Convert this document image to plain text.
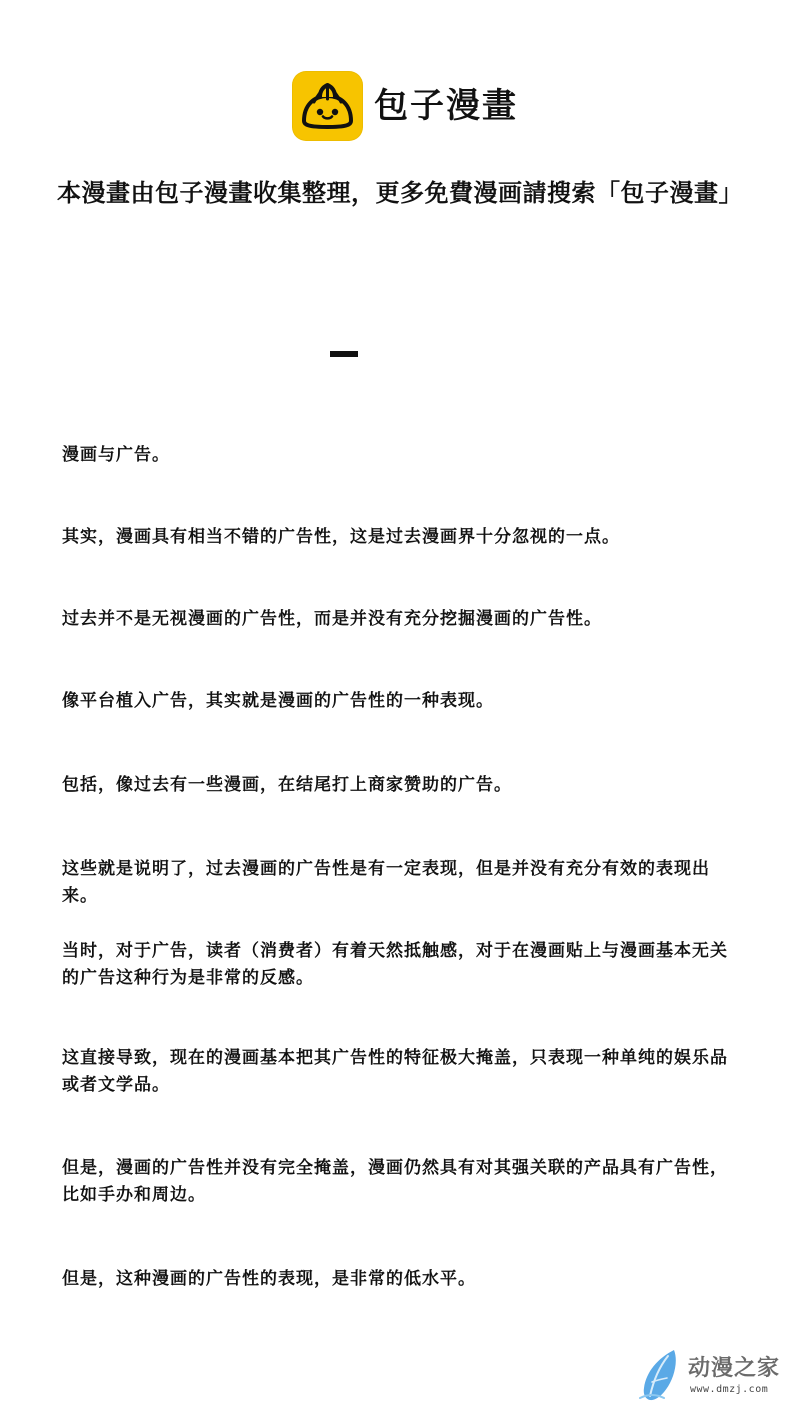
包子漫畫
本漫畫由包子漫畫收集整理，更多免費漫画請搜索「包子漫畫」

漫画与广告。

其实，漫画具有相当不错的广告性，这是过去漫画界十分忽视的一点。

过去并不是无视漫画的广告性，而是并没有充分挖掘漫画的广告性。

像平台植入广告，其实就是漫画的广告性的一种表现。

包括，像过去有一些漫画，在结尾打上商家赞助的广告。

这些就是说明了，过去漫画的广告性是有一定表现，但是并没有充分有效的表现出来。

当时，对于广告，读者（消费者）有着天然抵触感，对于在漫画贴上与漫画基本无关的广告这种行为是非常的反感。

这直接导致，现在的漫画基本把其广告性的特征极大掩盖，只表现一种单纯的娱乐品或者文学品。

但是，漫画的广告性并没有完全掩盖，漫画仍然具有对其强关联的产品具有广告性，比如手办和周边。

但是，这种漫画的广告性的表现，是非常的低水平。

动漫之家
www.dmzj.com
